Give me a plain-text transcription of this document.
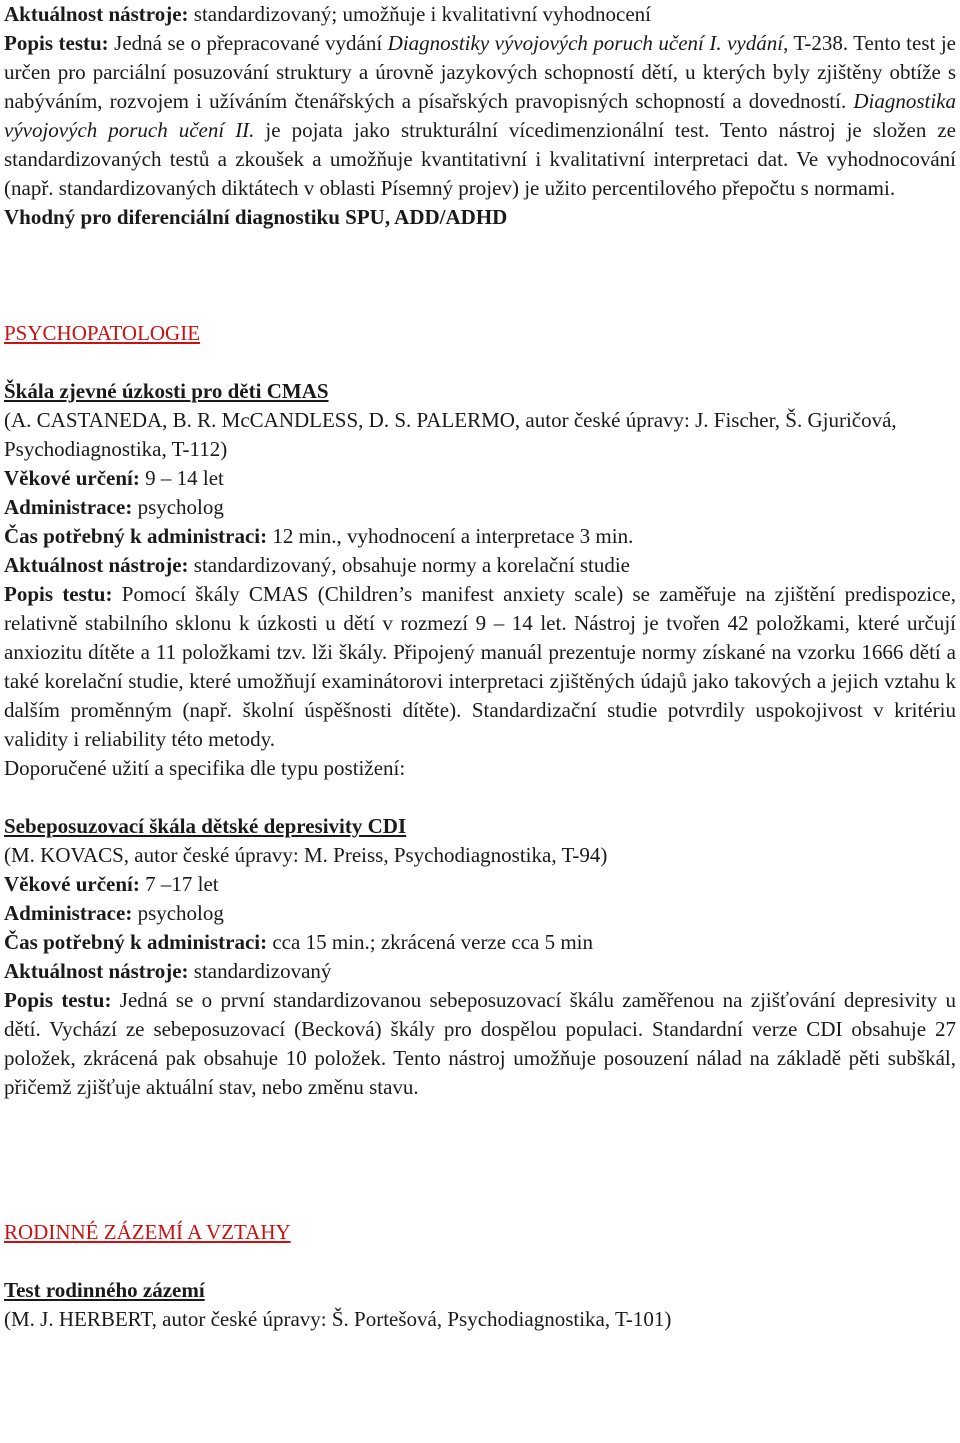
Aktuálnost nástroje: standardizovaný; umožňuje i kvalitativní vyhodnocení

Popis testu: Jedná se o přepracované vydání Diagnostiky vývojových poruch učení I. vydání, T-238. Tento test je určen pro parciální posuzování struktury a úrovně jazykových schopností dětí, u kterých byly zjištěny obtíže s nabýváním, rozvojem i užíváním čtenářských a písařských pravopisných schopností a dovedností. Diagnostika vývojových poruch učení II. je pojata jako strukturální vícedimenzionální test. Tento nástroj je složen ze standardizovaných testů a zkoušek a umožňuje kvantitativní i kvalitativní interpretaci dat. Ve vyhodnocování (např. standardizovaných diktátech v oblasti Písemný projev) je užito percentilového přepočtu s normami.

Vhodný pro diferenciální diagnostiku SPU, ADD/ADHD

PSYCHOPATOLOGIE

Škála zjevné úzkosti pro děti CMAS

(A. CASTANEDA, B. R. McCANDLESS, D. S. PALERMO, autor české úpravy: J. Fischer, Š. Gjuričová, Psychodiagnostika, T-112)

Věkové určení: 9 – 14 let

Administrace: psycholog

Čas potřebný k administraci: 12 min., vyhodnocení a interpretace 3 min.

Aktuálnost nástroje: standardizovaný, obsahuje normy a korelační studie

Popis testu: Pomocí škály CMAS (Children’s manifest anxiety scale) se zaměřuje na zjištění predispozice, relativně stabilního sklonu k úzkosti u dětí v rozmezí 9 – 14 let. Nástroj je tvořen 42 položkami, které určují anxiozitu dítěte a 11 položkami tzv. lži škály. Připojený manuál prezentuje normy získané na vzorku 1666 dětí a také korelační studie, které umožňují examinátorovi interpretaci zjištěných údajů jako takových a jejich vztahu k dalším proměnným (např. školní úspěšnosti dítěte). Standardizační studie potvrdily uspokojivost v kritériu validity i reliability této metody.

Doporučené užití a specifika dle typu postižení:

Sebeposuzovací škála dětské depresivity CDI

(M. KOVACS, autor české úpravy: M. Preiss, Psychodiagnostika, T-94)

Věkové určení: 7 –17 let

Administrace: psycholog

Čas potřebný k administraci: cca 15 min.; zkrácená verze cca 5 min

Aktuálnost nástroje: standardizovaný

Popis testu: Jedná se o první standardizovanou sebeposuzovací škálu zaměřenou na zjišťování depresivity u dětí. Vychází ze sebeposuzovací (Becková) škály pro dospělou populaci. Standardní verze CDI obsahuje 27 položek, zkrácená pak obsahuje 10 položek. Tento nástroj umožňuje posouzení nálad na základě pěti subškál, přičemž zjišťuje aktuální stav, nebo změnu stavu.

RODINNÉ ZÁZEMÍ A VZTAHY

Test rodinného zázemí

(M. J. HERBERT, autor české úpravy: Š. Portešová, Psychodiagnostika, T-101)
